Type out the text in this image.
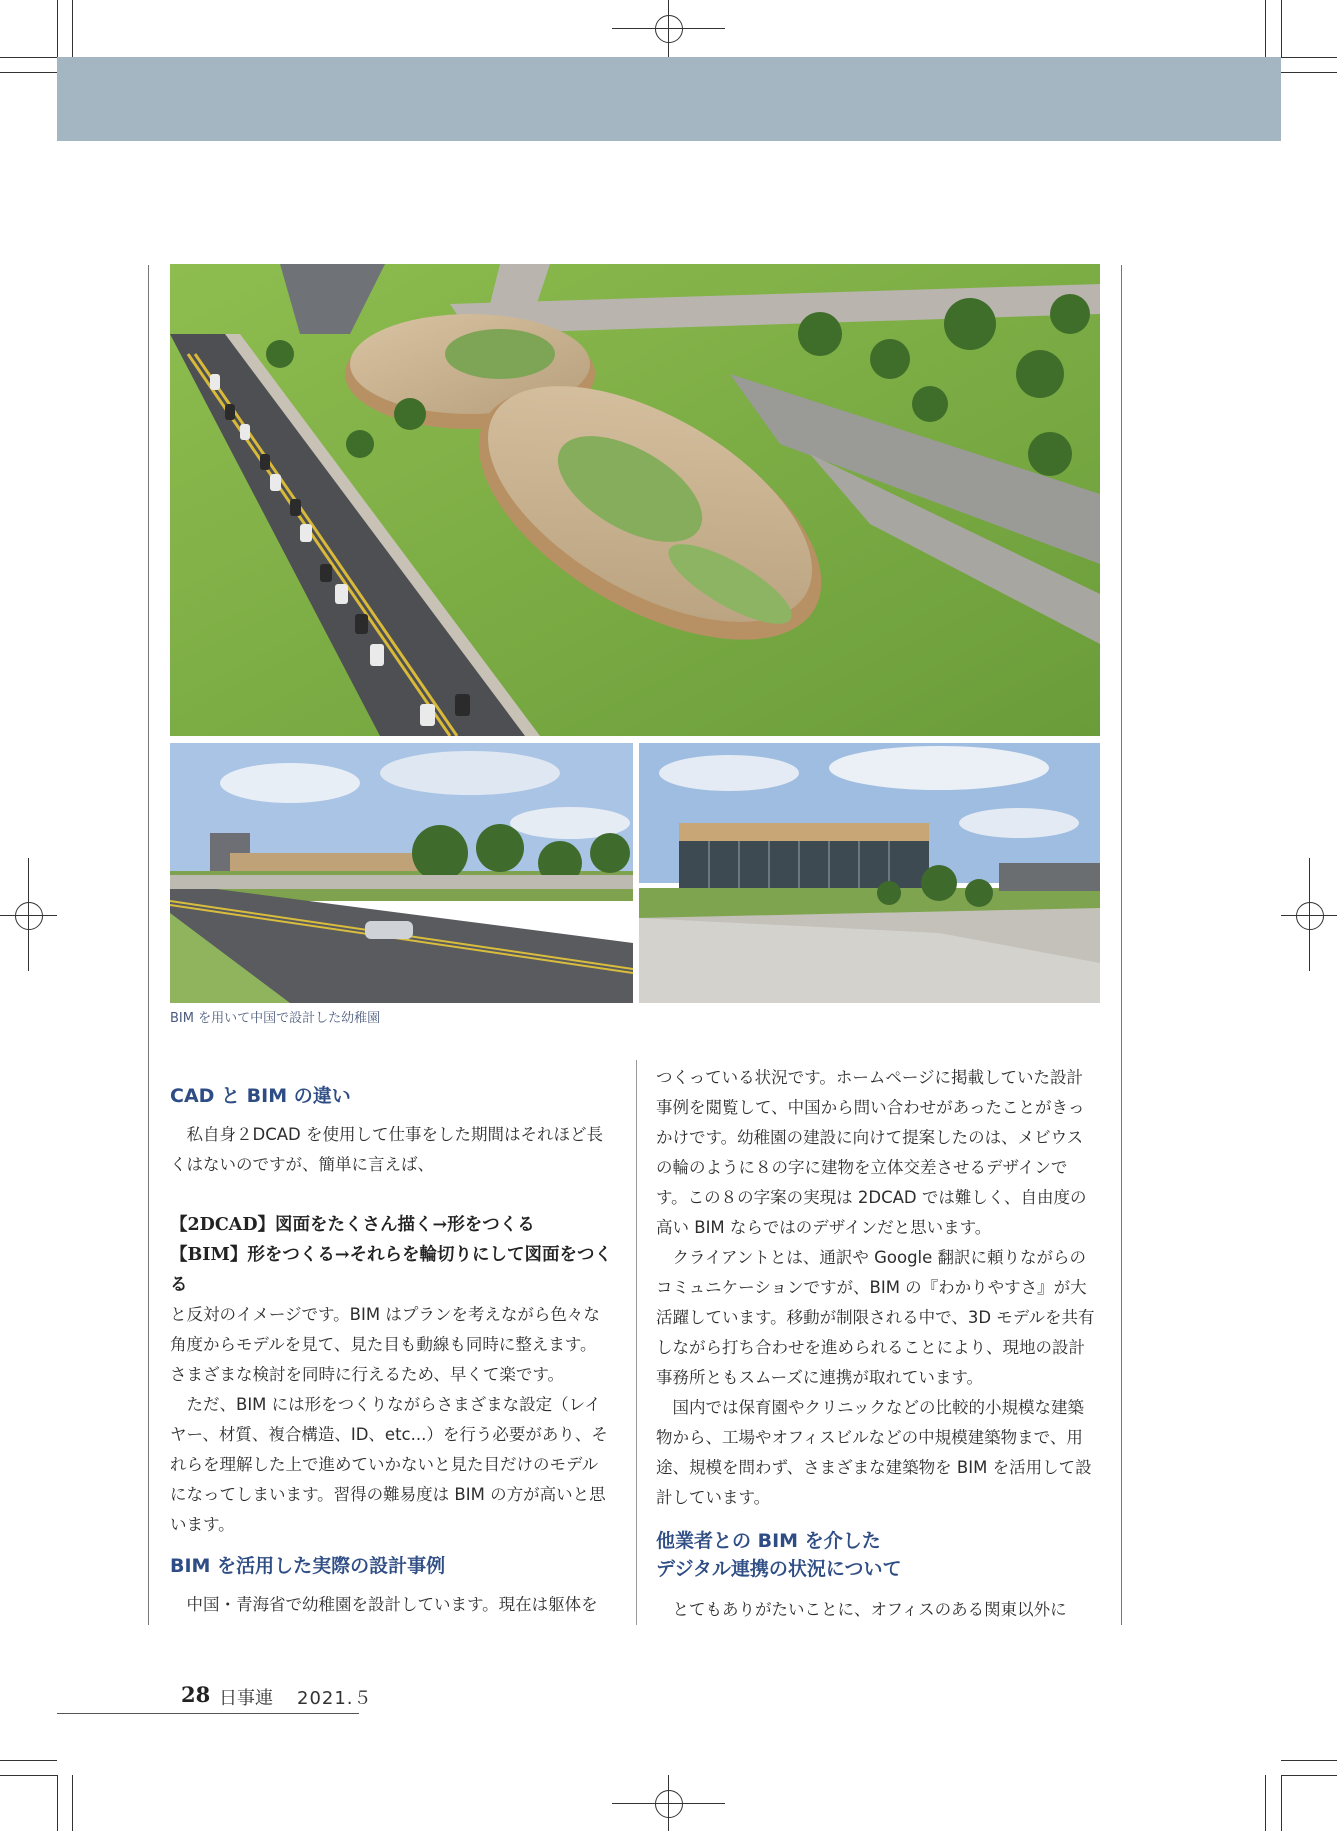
BIM を用いて中国で設計した幼稚園

CAD と BIM の違い

私自身２DCAD を使用して仕事をした期間はそれほど長くはないのですが、簡単に言えば、

【2DCAD】図面をたくさん描く→形をつくる

【BIM】形をつくる→それらを輪切りにして図面をつくる

と反対のイメージです。BIM はプランを考えながら色々な角度からモデルを見て、見た目も動線も同時に整えます。さまざまな検討を同時に行えるため、早くて楽です。

ただ、BIM には形をつくりながらさまざまな設定（レイヤー、材質、複合構造、ID、etc...）を行う必要があり、それらを理解した上で進めていかないと見た目だけのモデルになってしまいます。習得の難易度は BIM の方が高いと思います。

BIM を活用した実際の設計事例

中国・青海省で幼稚園を設計しています。現在は躯体を

つくっている状況です。ホームページに掲載していた設計事例を閲覧して、中国から問い合わせがあったことがきっかけです。幼稚園の建設に向けて提案したのは、メビウスの輪のように８の字に建物を立体交差させるデザインです。この８の字案の実現は 2DCAD では難しく、自由度の高い BIM ならではのデザインだと思います。

クライアントとは、通訳や Google 翻訳に頼りながらのコミュニケーションですが、BIM の『わかりやすさ』が大活躍しています。移動が制限される中で、3D モデルを共有しながら打ち合わせを進められることにより、現地の設計事務所ともスムーズに連携が取れています。

国内では保育園やクリニックなどの比較的小規模な建築物から、工場やオフィスビルなどの中規模建築物まで、用途、規模を問わず、さまざまな建築物を BIM を活用して設計しています。

他業者との BIM を介した

デジタル連携の状況について

とてもありがたいことに、オフィスのある関東以外に

28 日事連 2021.５
